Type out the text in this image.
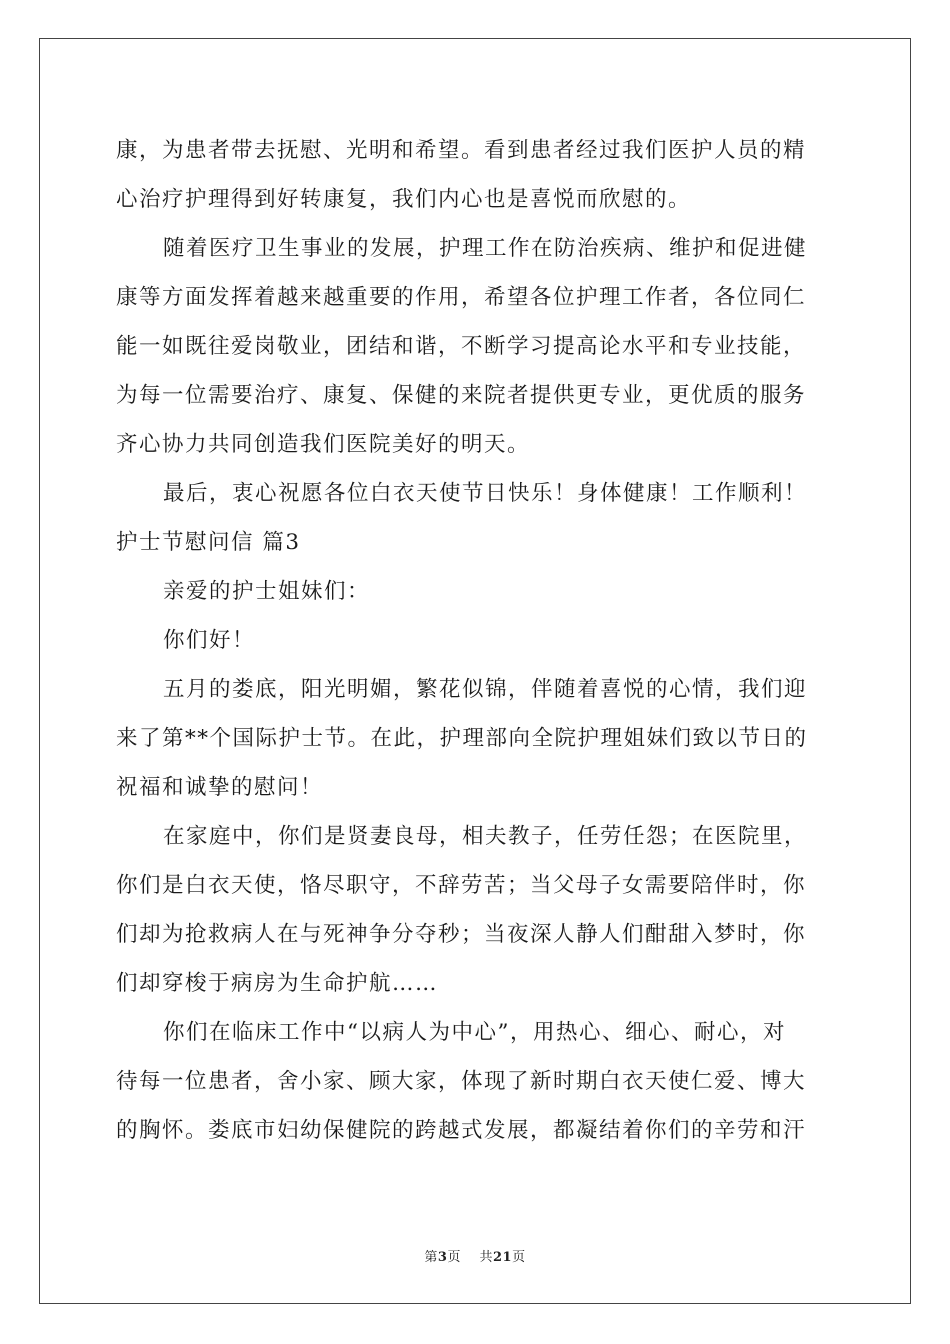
康，为患者带去抚慰、光明和希望。看到患者经过我们医护人员的精
心治疗护理得到好转康复，我们内心也是喜悦而欣慰的。
随着医疗卫生事业的发展，护理工作在防治疾病、维护和促进健
康等方面发挥着越来越重要的作用，希望各位护理工作者，各位同仁
能一如既往爱岗敬业，团结和谐，不断学习提高论水平和专业技能，
为每一位需要治疗、康复、保健的来院者提供更专业，更优质的服务
齐心协力共同创造我们医院美好的明天。
最后，衷心祝愿各位白衣天使节日快乐！身体健康！工作顺利！
护士节慰问信 篇3
亲爱的护士姐妹们：
你们好！
五月的娄底，阳光明媚，繁花似锦，伴随着喜悦的心情，我们迎
来了第**个国际护士节。在此，护理部向全院护理姐妹们致以节日的
祝福和诚挚的慰问！
在家庭中，你们是贤妻良母，相夫教子，任劳任怨；在医院里，
你们是白衣天使，恪尽职守，不辞劳苦；当父母子女需要陪伴时，你
们却为抢救病人在与死神争分夺秒；当夜深人静人们酣甜入梦时，你
们却穿梭于病房为生命护航……
你们在临床工作中“以病人为中心”，用热心、细心、耐心，对
待每一位患者，舍小家、顾大家，体现了新时期白衣天使仁爱、博大
的胸怀。娄底市妇幼保健院的跨越式发展，都凝结着你们的辛劳和汗
第3页    共21页
